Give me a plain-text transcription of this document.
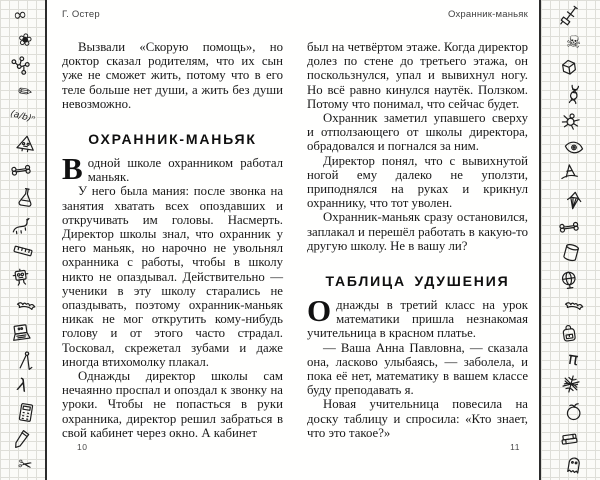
∞
❀
✏
(a/b)ⁿ
λ
✂
☠
π
Г. Остер

Вызвали «Скорую помощь», но доктор сказал родителям, что их сын уже не сможет жить, потому что в его теле больше нет души, а жить без души невозможно.

ОХРАННИК-МАНЬЯК

Водной школе охранником работал маньяк.

У него была мания: после звонка на занятия хватать всех опоздавших и откручивать им головы. Насмерть. Директор школы знал, что охранник у него маньяк, но нарочно не увольнял охранника с работы, чтобы в школу никто не опаздывал. Действительно — ученики в эту школу старались не опаздывать, поэтому охранник-маньяк никак не мог открутить кому-нибудь голову и от этого часто страдал. Тосковал, скрежетал зубами и даже иногда втихомолку плакал.

Однажды директор школы сам нечаянно проспал и опоздал к звонку на уроки. Чтобы не попасться в руки охранника, директор решил забраться в свой кабинет через окно. А кабинет

10
Охранник-маньяк

был на четвёртом этаже. Когда директор долез по стене до третьего этажа, он поскользнулся, упал и вывихнул ногу. Но всё равно кинулся наутёк. Ползком. Потому что понимал, что сейчас будет.

Охранник заметил упавшего сверху и отползающего от школы директора, обрадовался и погнался за ним.

Директор понял, что с вывихнутой ногой ему далеко не уползти, приподнялся на руках и крикнул охраннику, что тот уволен.

Охранник-маньяк сразу остановился, заплакал и перешёл работать в какую-то другую школу. Не в вашу ли?

ТАБЛИЦА УДУШЕНИЯ

Однажды в третий класс на урок математики пришла незнакомая учительница в красном платье.

— Ваша Анна Павловна, — сказала она, ласково улыбаясь, — заболела, и пока её нет, математику в вашем классе буду преподавать я.

Новая учительница повесила на доску таблицу и спросила: «Кто знает, что это такое?»

11
